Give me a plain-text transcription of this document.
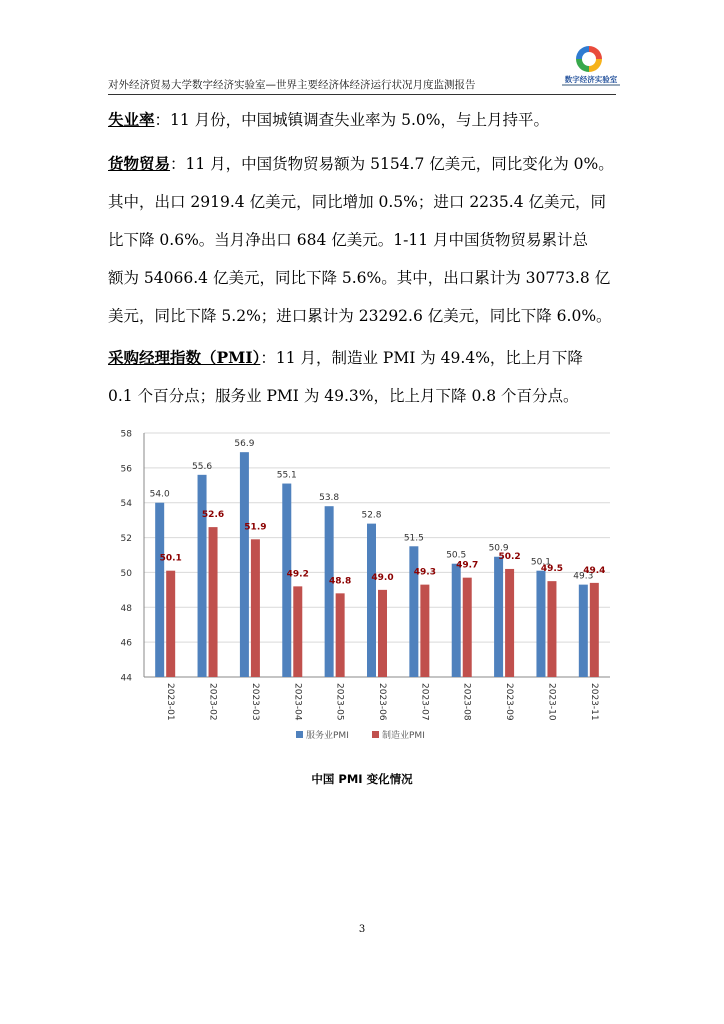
对外经济贸易大学数字经济实验室—世界主要经济体经济运行状况月度监测报告	数字经济实验室
失业率：11 月份，中国城镇调查失业率为 5.0%，与上月持平。
货物贸易：11 月，中国货物贸易额为 5154.7 亿美元，同比变化为 0%。
其中，出口 2919.4 亿美元，同比增加 0.5%；进口 2235.4 亿美元，同
比下降 0.6%。当月净出口 684 亿美元。1-11 月中国货物贸易累计总
额为 54066.4 亿美元，同比下降 5.6%。其中，出口累计为 30773.8 亿
美元，同比下降 5.2%；进口累计为 23292.6 亿美元，同比下降 6.0%。
采购经理指数（PMI）：11 月，制造业 PMI 为 49.4%，比上月下降
0.1 个百分点；服务业 PMI 为 49.3%，比上月下降 0.8 个百分点。
44
46
48
50
52
54
56
58
54.0
50.1
2023-01
55.6
52.6
2023-02
56.9
51.9
2023-03
55.1
49.2
2023-04
53.8
48.8
2023-05
52.8
49.0
2023-06
51.5
49.3
2023-07
50.5
49.7
2023-08
50.9
50.2
2023-09
50.1
49.5
2023-10
49.3
49.4
2023-11
服务业PMI	制造业PMI
中国 PMI 变化情况
3
